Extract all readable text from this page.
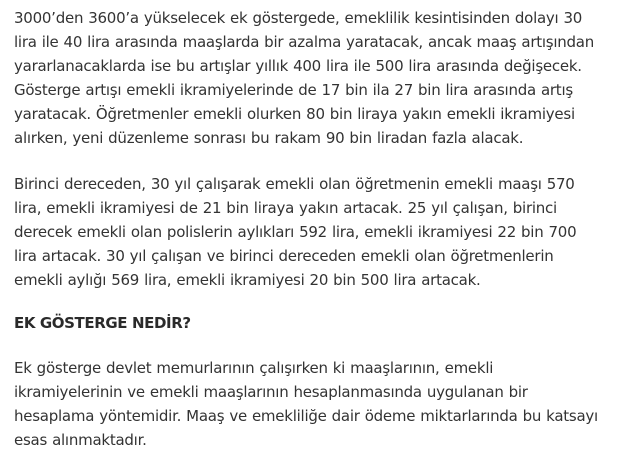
3000’den 3600’a yükselecek ek göstergede, emeklilik kesintisinden dolayı 30
lira ile 40 lira arasında maaşlarda bir azalma yaratacak, ancak maaş artışından
yararlanacaklarda ise bu artışlar yıllık 400 lira ile 500 lira arasında değişecek.
Gösterge artışı emekli ikramiyelerinde de 17 bin ila 27 bin lira arasında artış
yaratacak. Öğretmenler emekli olurken 80 bin liraya yakın emekli ikramiyesi
alırken, yeni düzenleme sonrası bu rakam 90 bin liradan fazla alacak.

Birinci dereceden, 30 yıl çalışarak emekli olan öğretmenin emekli maaşı 570
lira, emekli ikramiyesi de 21 bin liraya yakın artacak. 25 yıl çalışan, birinci
derecek emekli olan polislerin aylıkları 592 lira, emekli ikramiyesi 22 bin 700
lira artacak. 30 yıl çalışan ve birinci dereceden emekli olan öğretmenlerin
emekli aylığı 569 lira, emekli ikramiyesi 20 bin 500 lira artacak.

EK GÖSTERGE NEDİR?

Ek gösterge devlet memurlarının çalışırken ki maaşlarının, emekli
ikramiyelerinin ve emekli maaşlarının hesaplanmasında uygulanan bir
hesaplama yöntemidir. Maaş ve emekliliğe dair ödeme miktarlarında bu katsayı
esas alınmaktadır.
